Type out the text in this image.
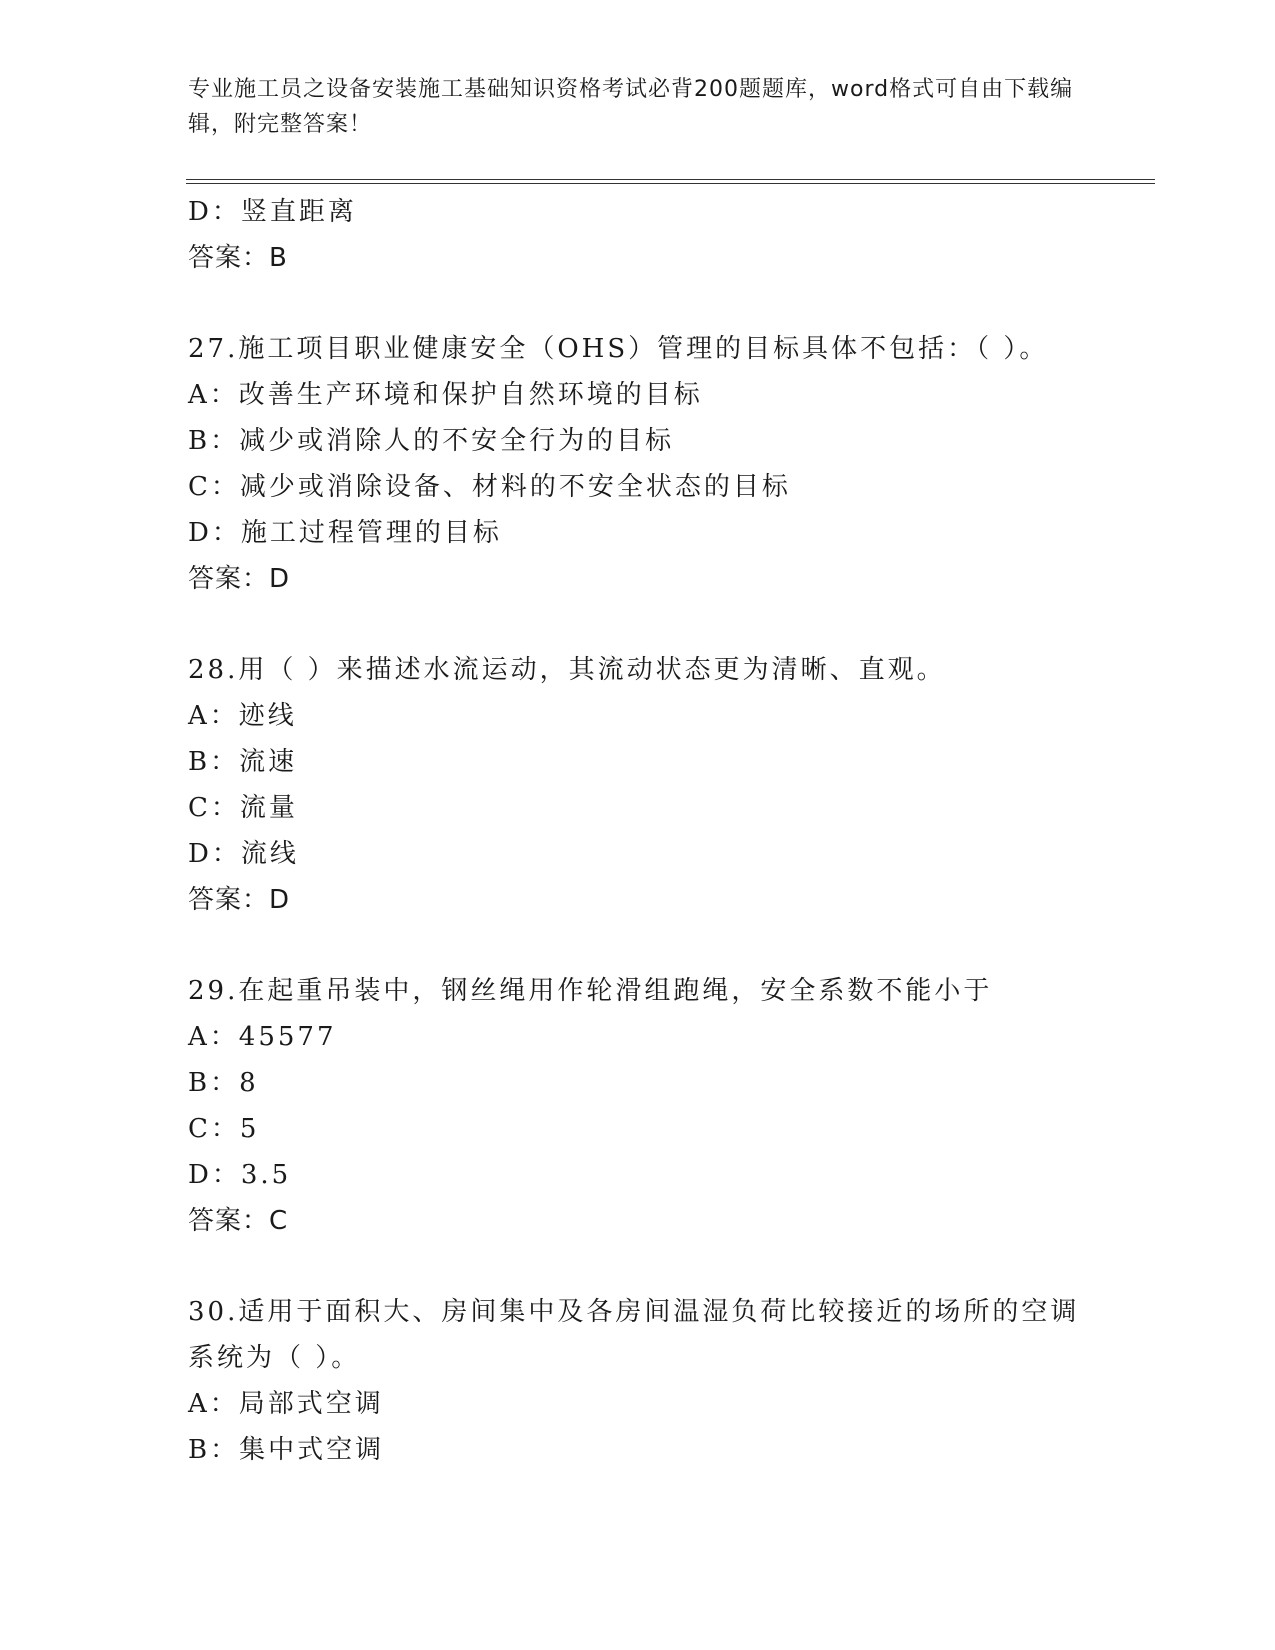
专业施工员之设备安装施工基础知识资格考试必背200题题库，word格式可自由下载编辑，附完整答案！
D：竖直距离
答案：B
27.施工项目职业健康安全（OHS）管理的目标具体不包括：（ ）。
A：改善生产环境和保护自然环境的目标
B：减少或消除人的不安全行为的目标
C：减少或消除设备、材料的不安全状态的目标
D：施工过程管理的目标
答案：D
28.用（ ）来描述水流运动，其流动状态更为清晰、直观。
A：迹线
B：流速
C：流量
D：流线
答案：D
29.在起重吊装中，钢丝绳用作轮滑组跑绳，安全系数不能小于
A：45577
B：8
C：5
D：3.5
答案：C
30.适用于面积大、房间集中及各房间温湿负荷比较接近的场所的空调系统为（ ）。
A：局部式空调
B：集中式空调
